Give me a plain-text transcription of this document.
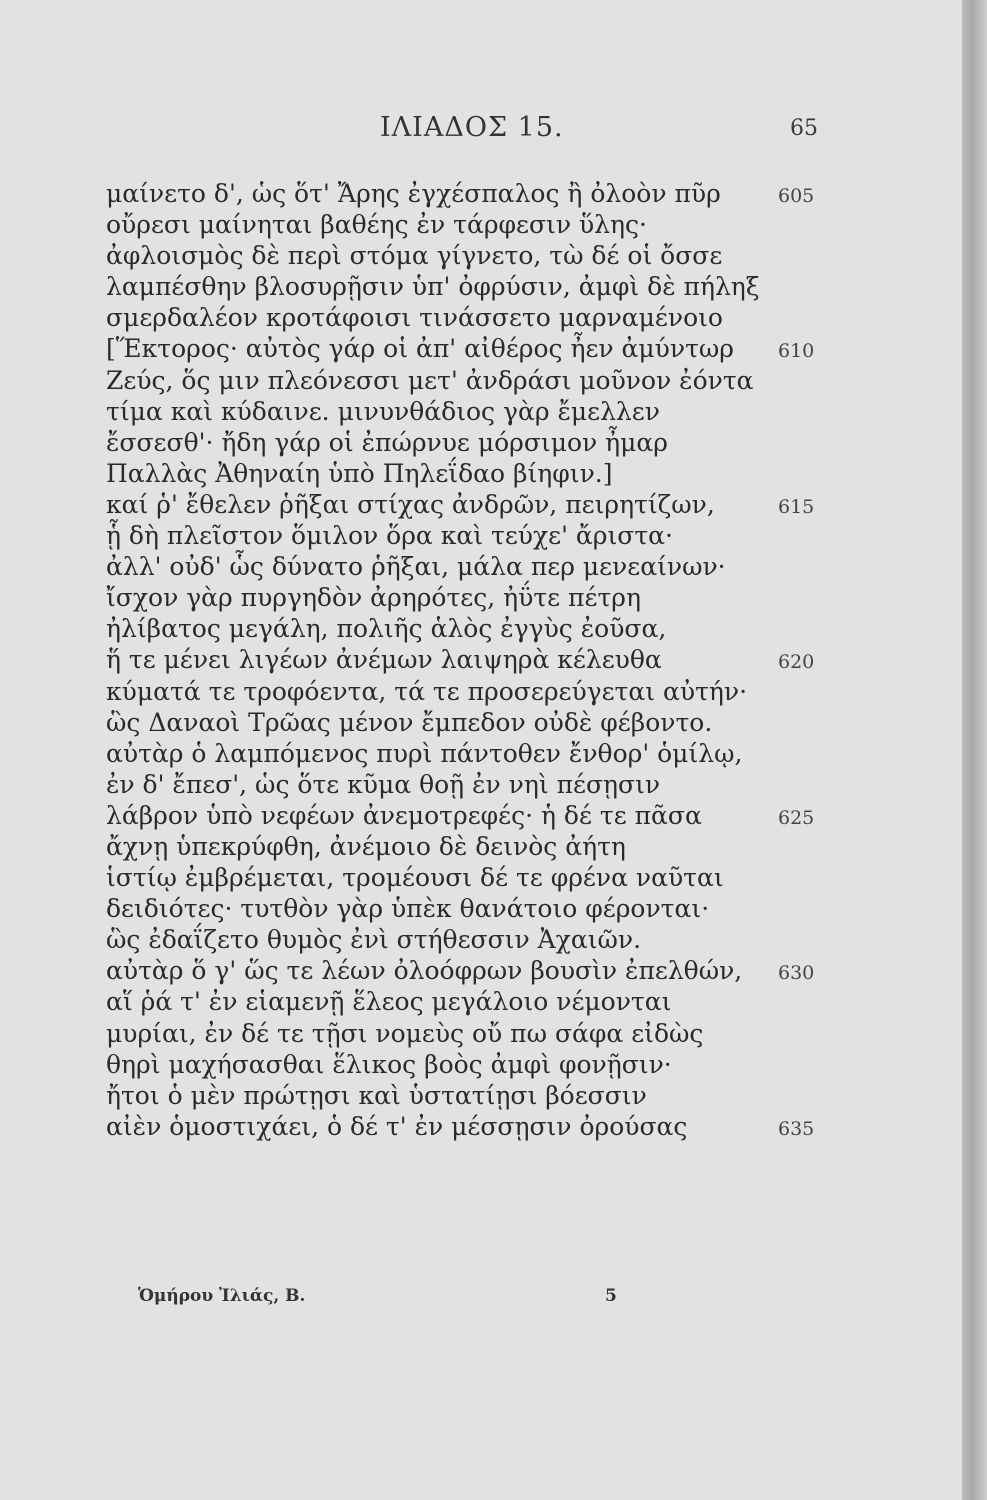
ΙΛΙΑΔΟΣ 15.	65
μαίνετο δ', ὡς ὅτ' Ἄρης ἐγχέσπαλος ἢ ὀλοὸν πῦρ	605
οὔρεσι μαίνηται βαθέης ἐν τάρφεσιν ὕλης·
ἀφλοισμὸς δὲ περὶ στόμα γίγνετο, τὼ δέ οἱ ὄσσε
λαμπέσθην βλοσυρῇσιν ὑπ' ὀφρύσιν, ἀμφὶ δὲ πήληξ
σμερδαλέον κροτάφοισι τινάσσετο μαρναμένοιο
[Ἕκτορος· αὐτὸς γάρ οἱ ἀπ' αἰθέρος ἦεν ἀμύντωρ 610
Ζεύς, ὅς μιν πλεόνεσσι μετ' ἀνδράσι μοῦνον ἐόντα
τίμα καὶ κύδαινε. μινυνθάδιος γὰρ ἔμελλεν
ἔσσεσθ'· ἤδη γάρ οἱ ἐπώρνυε μόρσιμον ἦμαρ
Παλλὰς Ἀθηναίη ὑπὸ Πηλεΐδαο βίηφιν.]
καί ῥ' ἔθελεν ῥῆξαι στίχας ἀνδρῶν, πειρητίζων,	615
ᾗ δὴ πλεῖστον ὅμιλον ὅρα καὶ τεύχε' ἄριστα·
ἀλλ' οὐδ' ὧς δύνατο ῥῆξαι, μάλα περ μενεαίνων·
ἴσχον γὰρ πυργηδὸν ἀρηρότες, ἠΰτε πέτρη
ἠλίβατος μεγάλη, πολιῆς ἁλὸς ἐγγὺς ἐοῦσα,
ἥ τε μένει λιγέων ἀνέμων λαιψηρὰ κέλευθα	620
κύματά τε τροφόεντα, τά τε προσερεύγεται αὐτήν·
ὣς Δαναοὶ Τρῶας μένον ἔμπεδον οὐδὲ φέβοντο.
αὐτὰρ ὁ λαμπόμενος πυρὶ πάντοθεν ἔνθορ' ὁμίλῳ,
ἐν δ' ἔπεσ', ὡς ὅτε κῦμα θοῇ ἐν νηὶ πέσῃσιν
λάβρον ὑπὸ νεφέων ἀνεμοτρεφές· ἡ δέ τε πᾶσα	625
ἄχνῃ ὑπεκρύφθη, ἀνέμοιο δὲ δεινὸς ἀήτη
ἱστίῳ ἐμβρέμεται, τρομέουσι δέ τε φρένα ναῦται
δειδιότες· τυτθὸν γὰρ ὑπὲκ θανάτοιο φέρονται·
ὣς ἐδαΐζετο θυμὸς ἐνὶ στήθεσσιν Ἀχαιῶν.
αὐτὰρ ὅ γ' ὥς τε λέων ὀλοόφρων βουσὶν ἐπελθών, 630
αἵ ῥά τ' ἐν εἱαμενῇ ἕλεος μεγάλοιο νέμονται
μυρίαι, ἐν δέ τε τῇσι νομεὺς οὔ πω σάφα εἰδὼς
θηρὶ μαχήσασθαι ἕλικος βοὸς ἀμφὶ φονῇσιν·
ἤτοι ὁ μὲν πρώτῃσι καὶ ὑστατίῃσι βόεσσιν
αἰὲν ὁμοστιχάει, ὁ δέ τ' ἐν μέσσῃσιν ὀρούσας	635
Ὁμήρου Ἰλιάς, Β.	5
